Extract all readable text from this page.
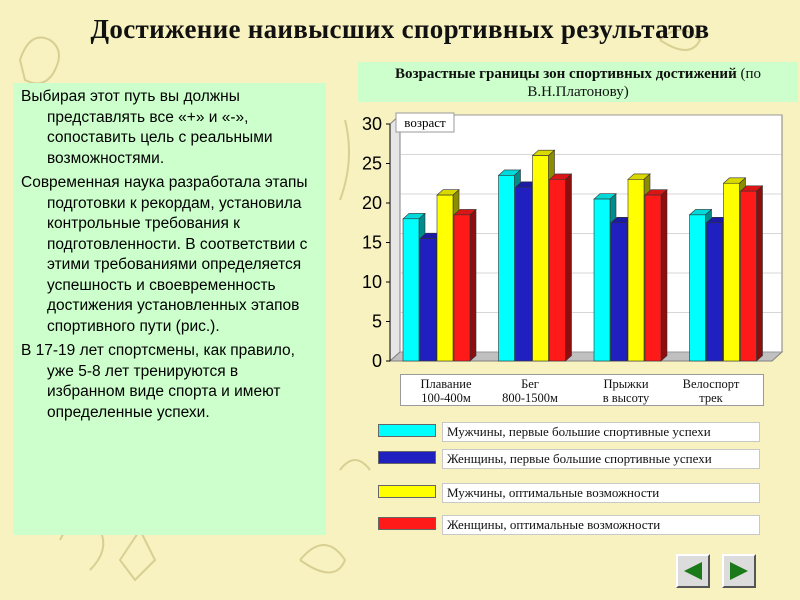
Достижение наивысших спортивных результатов

Выбирая этот путь вы должны представлять все «+» и «-», сопоставить цель с реальными возможностями.

Современная наука разработала этапы подготовки к рекордам, установила контрольные требования к подготовленности. В соответствии с этими требованиями определяется успешность и своевременность достижения установленных этапов спортивного пути (рис.).

В 17-19 лет спортсмены, как правило, уже 5-8 лет тренируются в избранном виде спорта и имеют определенные успехи.

Возрастные границы зон спортивных достижений (по В.Н.Платонову)
0
5
10
15
20
25
30 возраст
Плавание
100-400м
Бег
800-1500м
Прыжки
в высоту
Велоспорт
трек
Мужчины, первые большие спортивные успехи
Женщины, первые большие спортивные успехи
Мужчины, оптимальные возможности
Женщины, оптимальные возможности
